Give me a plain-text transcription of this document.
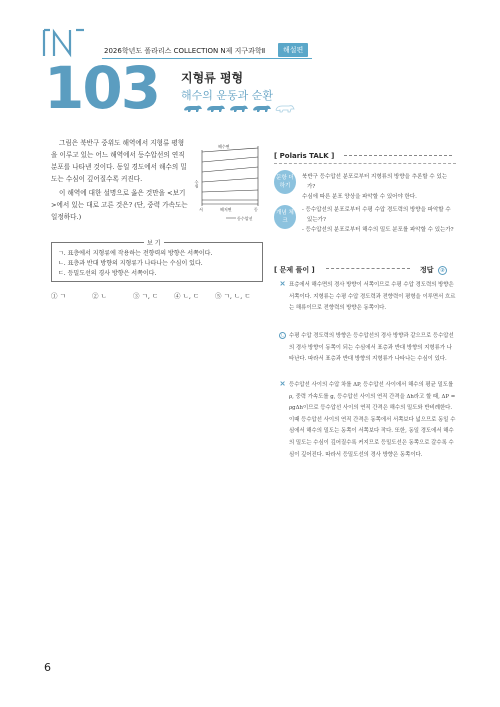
2026학년도 폴라리스 COLLECTION N제 지구과학Ⅱ	해설편
103 지형류 평형
해수의 운동과 순환

그림은 북반구 중위도 해역에서 지형류 평형을 이루고 있는 어느 해역에서 등수압선의 연직 분포를 나타낸 것이다. 동일 경도에서 해수의 밀도는 수심이 깊어질수록 커진다.

이 해역에 대한 설명으로 옳은 것만을 <보기>에서 있는 대로 고른 것은? (단, 중력 가속도는 일정하다.)

해수면
수심
서	해저면	동
등수압선
보 기
ㄱ. 표층에서 지형류에 작용하는 전향력의 방향은 서쪽이다.
ㄴ. 표층과 반대 방향의 지형류가 나타나는 수심이 있다.
ㄷ. 등밀도선의 경사 방향은 서쪽이다.
① ㄱ	② ㄴ	③ ㄱ, ㄷ	④ ㄴ, ㄷ	⑤ ㄱ, ㄴ, ㄷ
[ Polaris TALK ]
문항 더하기
북반구 등수압선 분포로부터 지형류의 방향을 추론할 수 있는가?
수심에 따른 분포 양상을 파악할 수 있어야 한다.
개념 체크
- 등수압선의 분포로부터 수평 수압 경도력의 방향을 파악할 수 있는가?
- 등수압선의 분포로부터 해수의 밀도 분포를 파악할 수 있는가?
[ 문제 풀이 ]	정답 ②
✕ 표층에서 해수면의 경사 방향이 서쪽이므로 수평 수압 경도력의 방향은 서쪽이다. 지형류는 수평 수압 경도력과 전향력이 평형을 이루면서 흐르는 해류이므로 전향력의 방향은 동쪽이다.
ㄴ 수평 수압 경도력의 방향은 등수압선의 경사 방향과 같으므로 등수압선의 경사 방향이 동쪽이 되는 수심에서 표층과 반대 방향의 지형류가 나타난다. 따라서 표층과 반대 방향의 지형류가 나타나는 수심이 있다.
✕ 등수압선 사이의 수압 차를 ΔP, 등수압선 사이에서 해수의 평균 밀도를 ρ, 중력 가속도를 g, 등수압선 사이의 연직 간격을 Δh라고 할 때, ΔP = ρgΔh이므로 등수압선 사이의 연직 간격은 해수의 밀도와 반비례한다. 이때 등수압선 사이의 연직 간격은 동쪽에서 서쪽보다 넓으므로 동일 수심에서 해수의 밀도는 동쪽이 서쪽보다 작다. 또한, 동일 경도에서 해수의 밀도는 수심이 깊어질수록 커지므로 등밀도선은 동쪽으로 갈수록 수심이 깊어진다. 따라서 등밀도선의 경사 방향은 동쪽이다.
6
